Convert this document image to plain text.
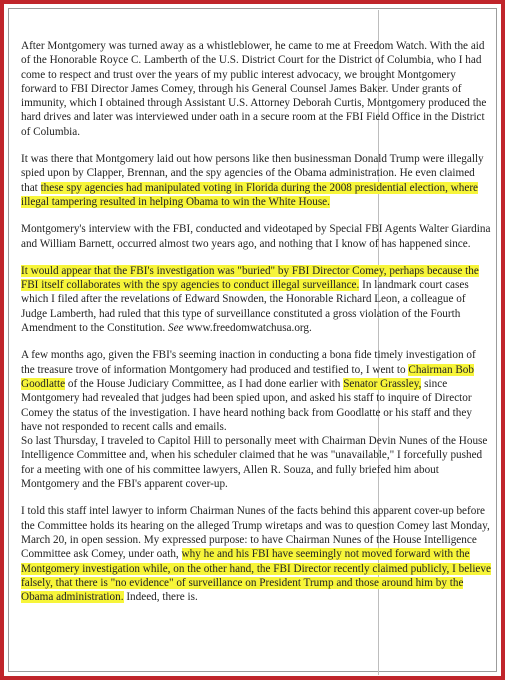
After Montgomery was turned away as a whistleblower, he came to me at Freedom Watch. With the aid of the Honorable Royce C. Lamberth of the U.S. District Court for the District of Columbia, who I had come to respect and trust over the years of my public interest advocacy, we brought Montgomery forward to FBI Director James Comey, through his General Counsel James Baker. Under grants of immunity, which I obtained through Assistant U.S. Attorney Deborah Curtis, Montgomery produced the hard drives and later was interviewed under oath in a secure room at the FBI Field Office in the District of Columbia.

It was there that Montgomery laid out how persons like then businessman Donald Trump were illegally spied upon by Clapper, Brennan, and the spy agencies of the Obama administration. He even claimed that these spy agencies had manipulated voting in Florida during the 2008 presidential election, where illegal tampering resulted in helping Obama to win the White House.

Montgomery's interview with the FBI, conducted and videotaped by Special FBI Agents Walter Giardina and William Barnett, occurred almost two years ago, and nothing that I know of has happened since.

It would appear that the FBI's investigation was "buried" by FBI Director Comey, perhaps because the FBI itself collaborates with the spy agencies to conduct illegal surveillance. In landmark court cases which I filed after the revelations of Edward Snowden, the Honorable Richard Leon, a colleague of Judge Lamberth, had ruled that this type of surveillance constituted a gross violation of the Fourth Amendment to the Constitution. See www.freedomwatchusa.org.

A few months ago, given the FBI's seeming inaction in conducting a bona fide timely investigation of the treasure trove of information Montgomery had produced and testified to, I went to Chairman Bob Goodlatte of the House Judiciary Committee, as I had done earlier with Senator Grassley, since Montgomery had revealed that judges had been spied upon, and asked his staff to inquire of Director Comey the status of the investigation. I have heard nothing back from Goodlatte or his staff and they have not responded to recent calls and emails.

So last Thursday, I traveled to Capitol Hill to personally meet with Chairman Devin Nunes of the House Intelligence Committee and, when his scheduler claimed that he was "unavailable," I forcefully pushed for a meeting with one of his committee lawyers, Allen R. Souza, and fully briefed him about Montgomery and the FBI's apparent cover-up.

I told this staff intel lawyer to inform Chairman Nunes of the facts behind this apparent cover-up before the Committee holds its hearing on the alleged Trump wiretaps and was to question Comey last Monday, March 20, in open session. My expressed purpose: to have Chairman Nunes of the House Intelligence Committee ask Comey, under oath, why he and his FBI have seemingly not moved forward with the Montgomery investigation while, on the other hand, the FBI Director recently claimed publicly, I believe falsely, that there is "no evidence" of surveillance on President Trump and those around him by the Obama administration. Indeed, there is.
